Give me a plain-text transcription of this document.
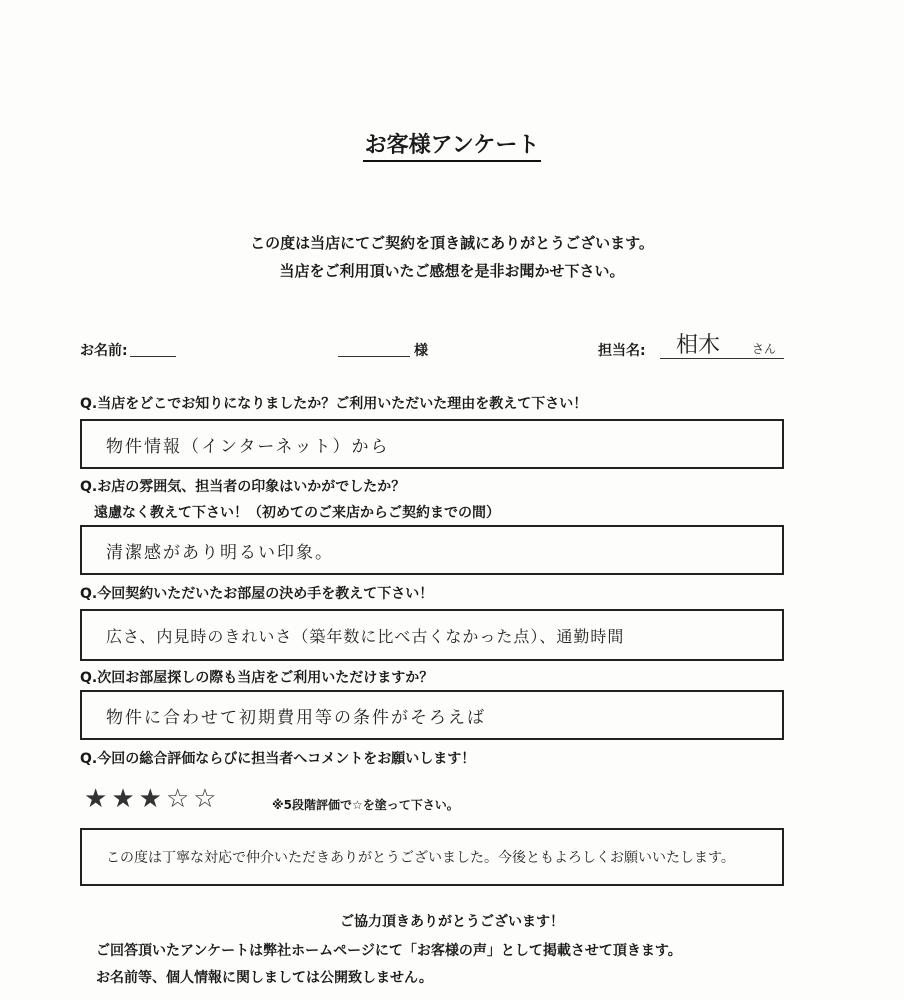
お客様アンケート
この度は当店にてご契約を頂き誠にありがとうございます。
当店をご利用頂いたご感想を是非お聞かせ下さい。
お名前:	様	担当名: 相木	さん
Q.当店をどこでお知りになりましたか？ご利用いただいた理由を教えて下さい！
物件情報（インターネット）から
Q.お店の雰囲気、担当者の印象はいかがでしたか？
遠慮なく教えて下さい！（初めてのご来店からご契約までの間）
清潔感があり明るい印象。
Q.今回契約いただいたお部屋の決め手を教えて下さい！
広さ、内見時のきれいさ（築年数に比べ古くなかった点）、通勤時間
Q.次回お部屋探しの際も当店をご利用いただけますか？
物件に合わせて初期費用等の条件がそろえば
Q.今回の総合評価ならびに担当者へコメントをお願いします！
★★★☆☆	※5段階評価で☆を塗って下さい。
この度は丁寧な対応で仲介いただきありがとうございました。今後ともよろしくお願いいたします。
ご協力頂きありがとうございます！
ご回答頂いたアンケートは弊社ホームページにて「お客様の声」として掲載させて頂きます。
お名前等、個人情報に関しましては公開致しません。
